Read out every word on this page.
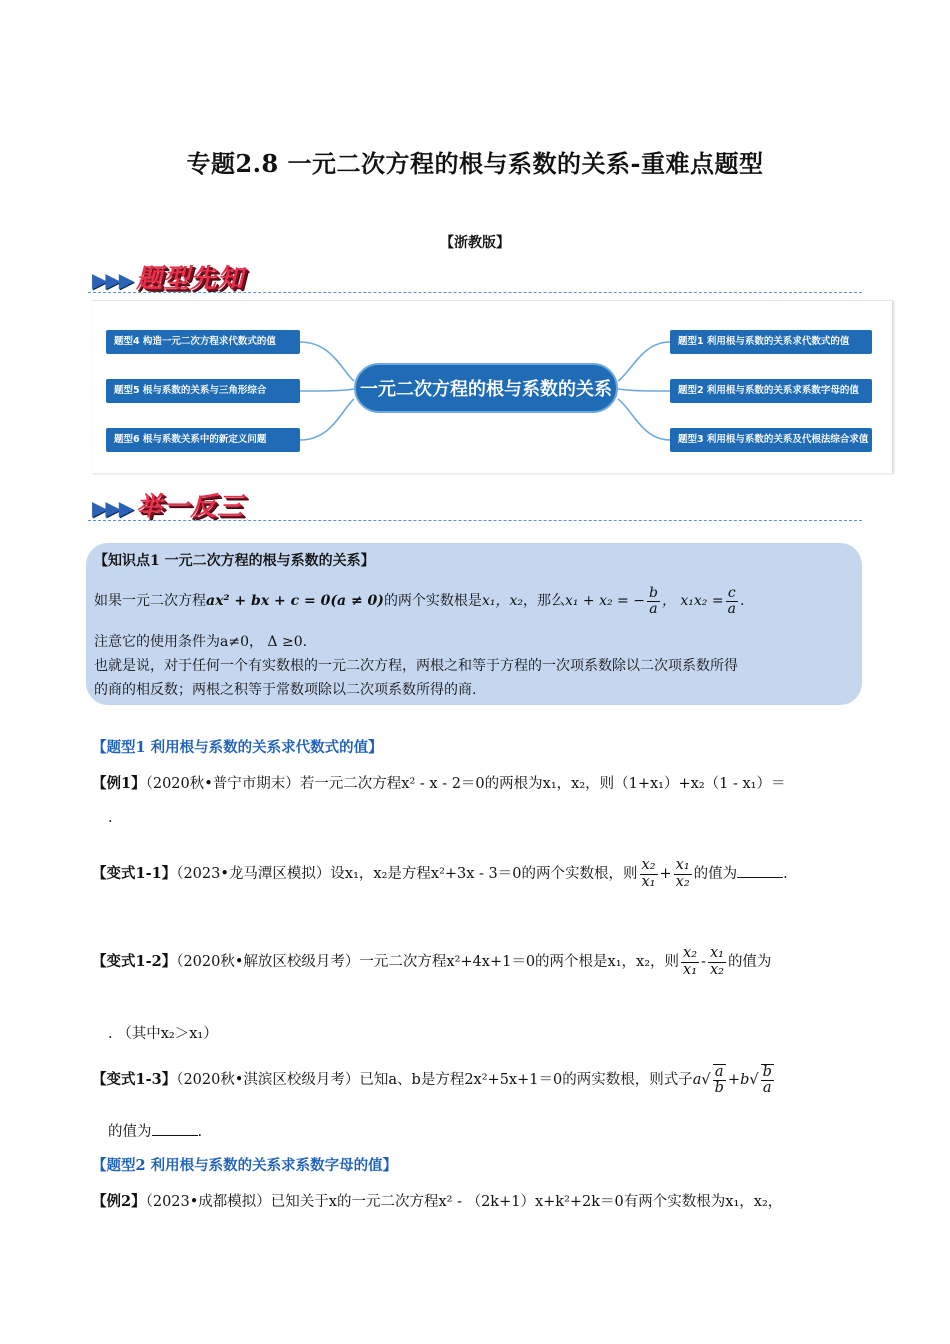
专题2.8 一元二次方程的根与系数的关系-重难点题型
【浙教版】
▶▶▶ 题型先知
题型4 构造一元二次方程求代数式的值
题型5 根与系数的关系与三角形综合
题型6 根与系数关系中的新定义问题
一元二次方程的根与系数的关系
题型1 利用根与系数的关系求代数式的值
题型2 利用根与系数的关系求系数字母的值
题型3 利用根与系数的关系及代根法综合求值
▶▶▶ 举一反三
【知识点1 一元二次方程的根与系数的关系】
如果一元二次方程ax² + bx + c = 0(a ≠ 0)的两个实数根是x₁，x₂，那么x₁ + x₂ = − $\frac{b}{a}$ ， $x_1x_2 = \frac{c}{a}$ .
注意它的使用条件为a≠0， Δ ≥0.
也就是说，对于任何一个有实数根的一元二次方程，两根之和等于方程的一次项系数除以二次项系数所得
的商的相反数；两根之积等于常数项除以二次项系数所得的商.
【题型1 利用根与系数的关系求代数式的值】
【例1】（2020秋•普宁市期末）若一元二次方程x² - x - 2＝0的两根为x₁，x₂，则（1+x₁）+x₂（1 - x₁）＝
.
【变式1-1】（2023•龙马潭区模拟）设x₁，x₂是方程x²+3x - 3＝0的两个实数根，则 $\frac{\text{x₂}}{\text{x₁}} + \frac{\text{x₁}}{\text{x₂}}$ 的值为	.
【变式1-2】（2020秋•解放区校级月考）一元二次方程x²+4x+1＝0的两个根是x₁，x₂，则 $\frac{\text{x₂}}{\text{x₁}} - \frac{\text{x₁}}{\text{x₂}}$ 的值为
. （其中x₂＞x₁）
【变式1-3】（2020秋•淇滨区校级月考）已知a、b是方程2x²+5x+1＝0的两实数根，则式子$a√ \frac{a}{b} +b√ \frac{b}{a}$
的值为	.
【题型2 利用根与系数的关系求系数字母的值】
【例2】（2023•成都模拟）已知关于x的一元二次方程x² - （2k+1）x+k²+2k＝0有两个实数根为x₁，x₂，
